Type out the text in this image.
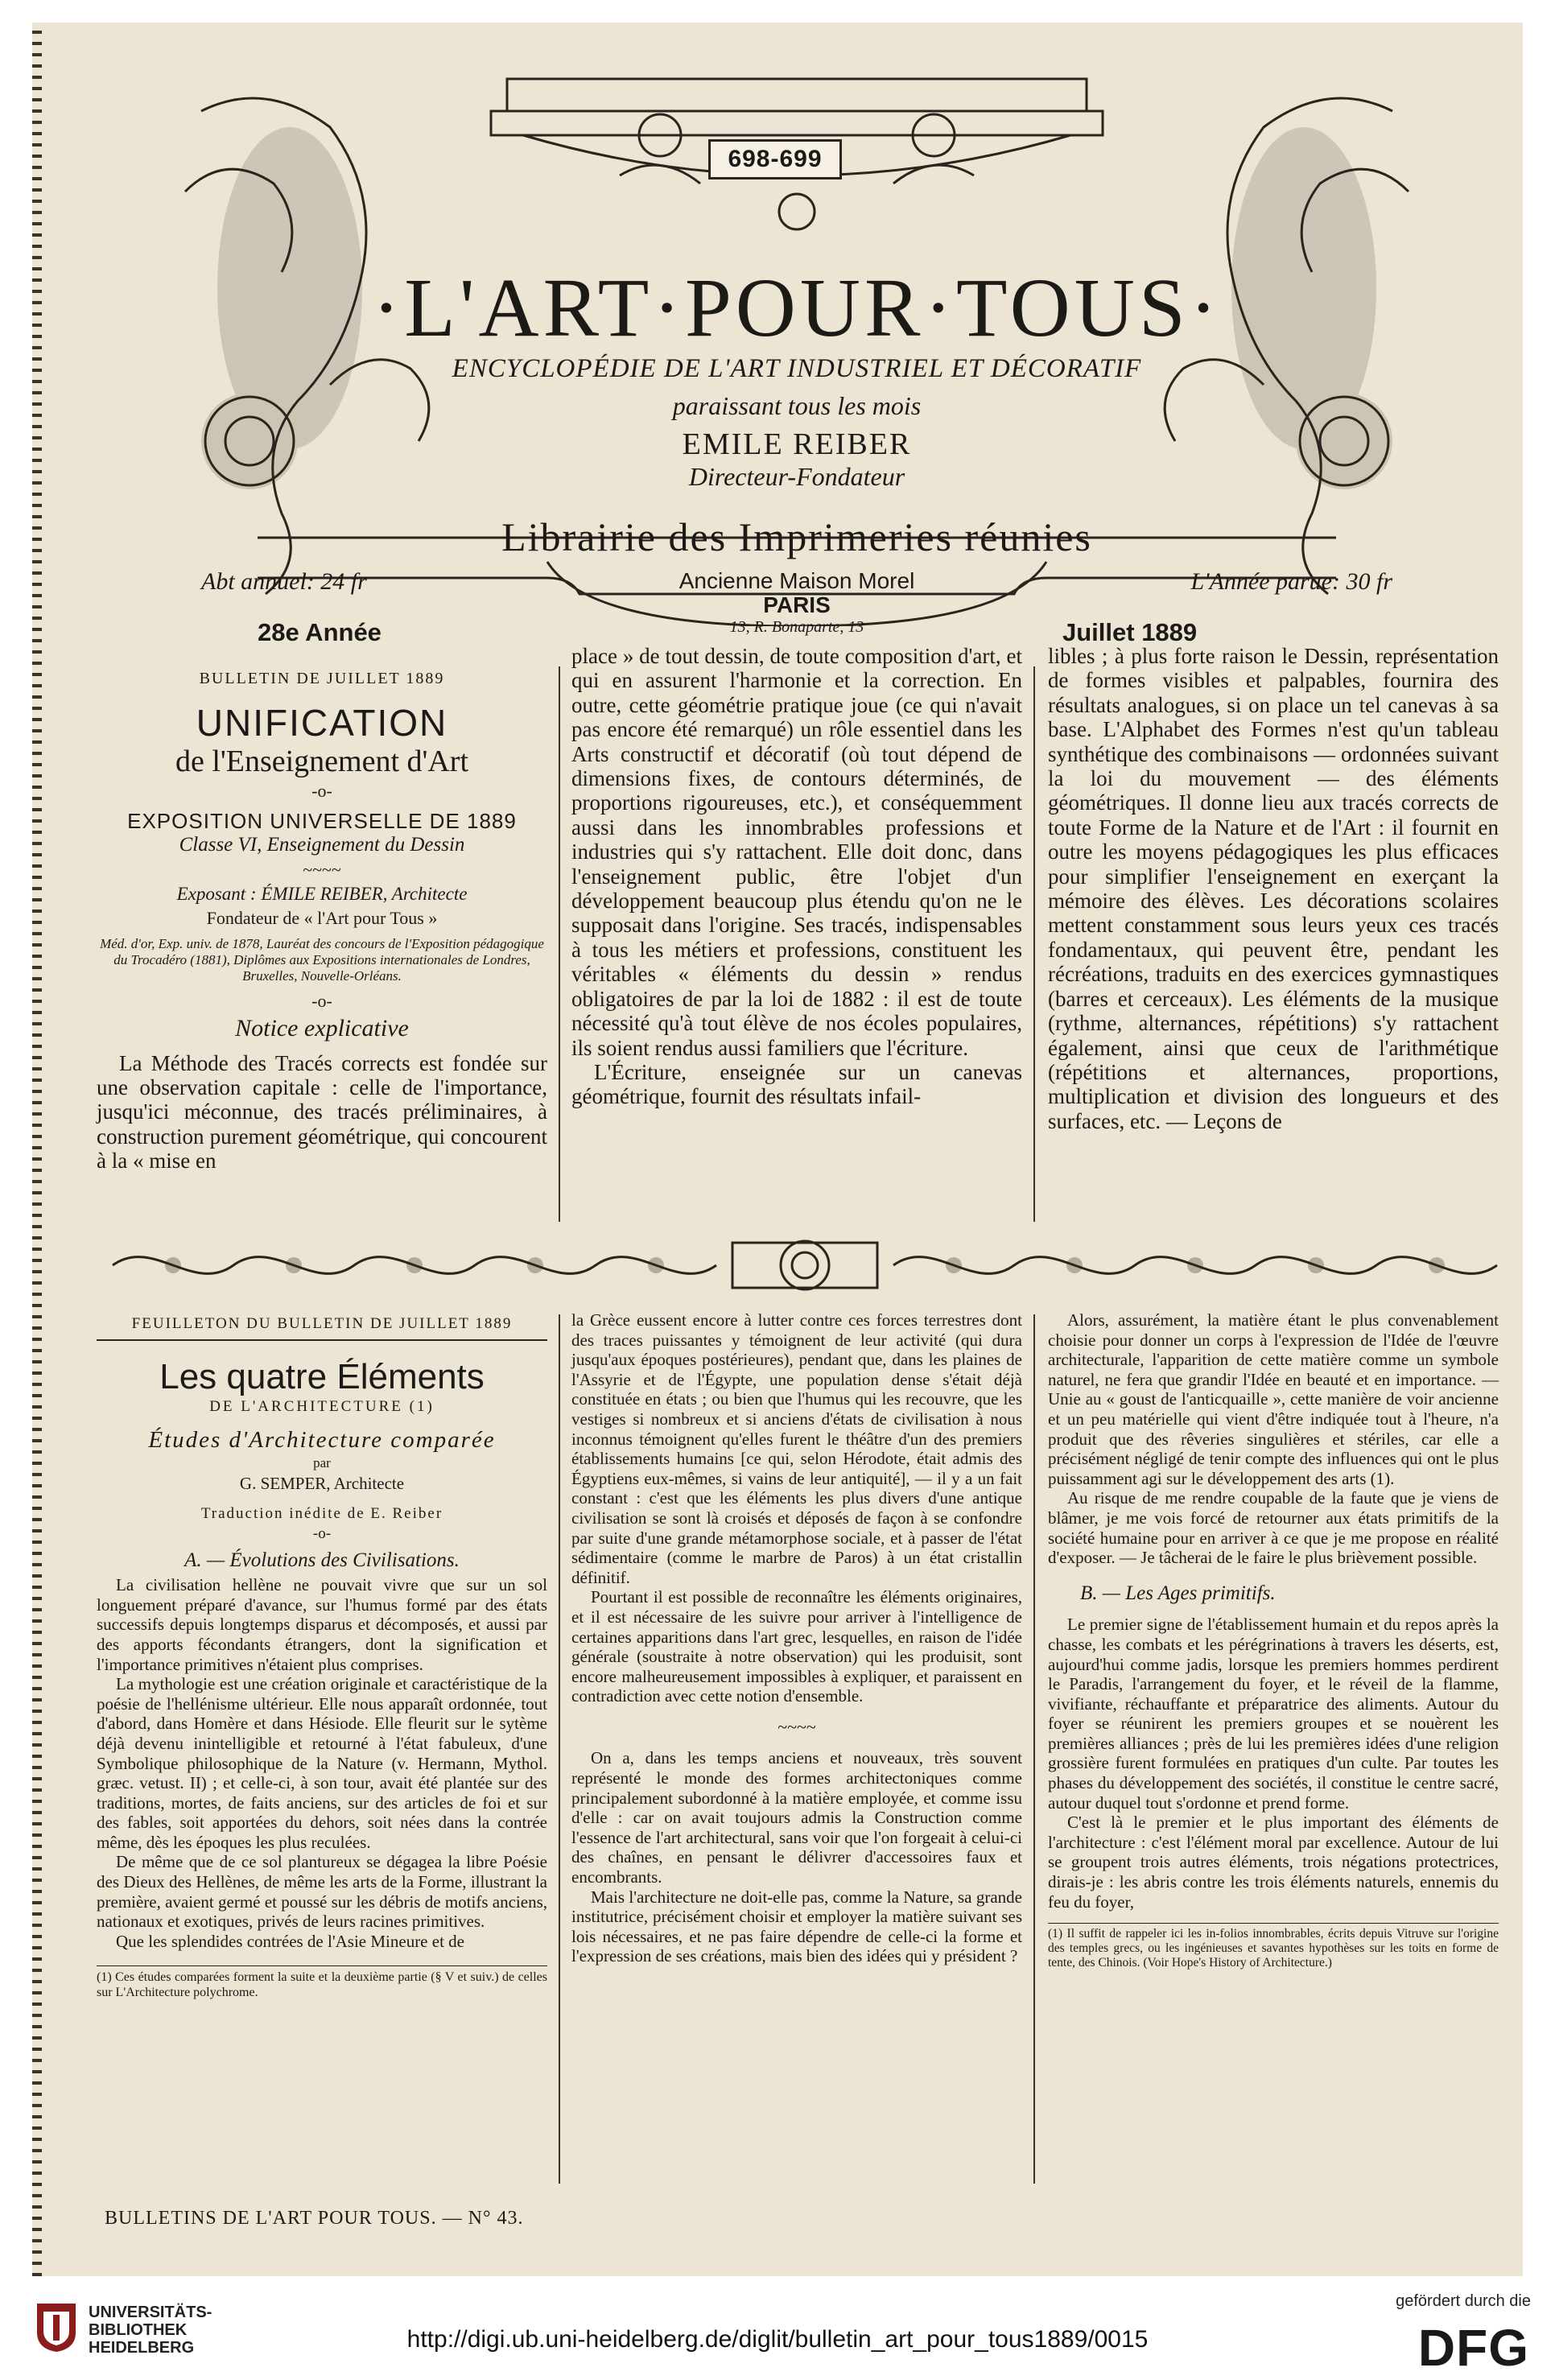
698-699
·L'ART·POUR·TOUS·
ENCYCLOPÉDIE DE L'ART INDUSTRIEL ET DÉCORATIF
paraissant tous les mois
EMILE REIBER
Directeur-Fondateur
Librairie des Imprimeries réunies
Abt annuel: 24 fr	L'Année parue: 30 fr
Ancienne Maison Morel
PARIS
13, R. Bonaparte, 13
28e Année	Juillet 1889
BULLETIN DE JUILLET 1889
UNIFICATION
de l'Enseignement d'Art
-o-
EXPOSITION UNIVERSELLE DE 1889
Classe VI, Enseignement du Dessin
~~~~
Exposant : ÉMILE REIBER, Architecte
Fondateur de « l'Art pour Tous »
Méd. d'or, Exp. univ. de 1878, Lauréat des concours de l'Exposition pédagogique du Trocadéro (1881), Diplômes aux Expositions internationales de Londres, Bruxelles, Nouvelle-Orléans.
-o-
Notice explicative

La Méthode des Tracés corrects est fondée sur une observation capitale : celle de l'importance, jusqu'ici méconnue, des tracés préliminaires, à construction purement géométrique, qui concourent à la « mise en

place » de tout dessin, de toute composition d'art, et qui en assurent l'harmonie et la correction. En outre, cette géométrie pratique joue (ce qui n'avait pas encore été remarqué) un rôle essentiel dans les Arts constructif et décoratif (où tout dépend de dimensions fixes, de contours déterminés, de proportions rigoureuses, etc.), et conséquemment aussi dans les innombrables professions et industries qui s'y rattachent. Elle doit donc, dans l'enseignement public, être l'objet d'un développement beaucoup plus étendu qu'on ne le supposait dans l'origine. Ses tracés, indispensables à tous les métiers et professions, constituent les véritables « éléments du dessin » rendus obligatoires de par la loi de 1882 : il est de toute nécessité qu'à tout élève de nos écoles populaires, ils soient rendus aussi familiers que l'écriture.

L'Écriture, enseignée sur un canevas géométrique, fournit des résultats infail-

libles ; à plus forte raison le Dessin, représentation de formes visibles et palpables, fournira des résultats analogues, si on place un tel canevas à sa base. L'Alphabet des Formes n'est qu'un tableau synthétique des combinaisons — ordonnées suivant la loi du mouvement — des éléments géométriques. Il donne lieu aux tracés corrects de toute Forme de la Nature et de l'Art : il fournit en outre les moyens pédagogiques les plus efficaces pour simplifier l'enseignement en exerçant la mémoire des élèves. Les décorations scolaires mettent constamment sous leurs yeux ces tracés fondamentaux, qui peuvent être, pendant les récréations, traduits en des exercices gymnastiques (barres et cerceaux). Les éléments de la musique (rythme, alternances, répétitions) s'y rattachent également, ainsi que ceux de l'arithmétique (répétitions et alternances, proportions, multiplication et division des longueurs et des surfaces, etc. — Leçons de

FEUILLETON DU BULLETIN DE JUILLET 1889
Les quatre Éléments
DE L'ARCHITECTURE (1)
Études d'Architecture comparée
par
G. SEMPER, Architecte
Traduction inédite de E. Reiber
-o-
A. — Évolutions des Civilisations.

La civilisation hellène ne pouvait vivre que sur un sol longuement préparé d'avance, sur l'humus formé par des états successifs depuis longtemps disparus et décomposés, et aussi par des apports fécondants étrangers, dont la signification et l'importance primitives n'étaient plus comprises.

La mythologie est une création originale et caractéristique de la poésie de l'hellénisme ultérieur. Elle nous apparaît ordonnée, tout d'abord, dans Homère et dans Hésiode. Elle fleurit sur le sytème déjà devenu inintelligible et retourné à l'état fabuleux, d'une Symbolique philosophique de la Nature (v. Hermann, Mythol. græc. vetust. II) ; et celle-ci, à son tour, avait été plantée sur des traditions, mortes, de faits anciens, sur des articles de foi et sur des fables, soit apportées du dehors, soit nées dans la contrée même, dès les époques les plus reculées.

De même que de ce sol plantureux se dégagea la libre Poésie des Dieux des Hellènes, de même les arts de la Forme, illustrant la première, avaient germé et poussé sur les débris de motifs anciens, nationaux et exotiques, privés de leurs racines primitives.

Que les splendides contrées de l'Asie Mineure et de

(1) Ces études comparées forment la suite et la deuxième partie (§ V et suiv.) de celles sur L'Architecture polychrome.

la Grèce eussent encore à lutter contre ces forces terrestres dont des traces puissantes y témoignent de leur activité (qui dura jusqu'aux époques postérieures), pendant que, dans les plaines de l'Assyrie et de l'Égypte, une population dense s'était déjà constituée en états ; ou bien que l'humus qui les recouvre, que les vestiges si nombreux et si anciens d'états de civilisation à nous inconnus témoignent qu'elles furent le théâtre d'un des premiers établissements humains [ce qui, selon Hérodote, était admis des Égyptiens eux-mêmes, si vains de leur antiquité], — il y a un fait constant : c'est que les éléments les plus divers d'une antique civilisation se sont là croisés et déposés de façon à se confondre par suite d'une grande métamorphose sociale, et à passer de l'état sédimentaire (comme le marbre de Paros) à un état cristallin définitif.

Pourtant il est possible de reconnaître les éléments originaires, et il est nécessaire de les suivre pour arriver à l'intelligence de certaines apparitions dans l'art grec, lesquelles, en raison de l'idée générale (soustraite à notre observation) qui les produisit, sont encore malheureusement impossibles à expliquer, et paraissent en contradiction avec cette notion d'ensemble.

~~~~

On a, dans les temps anciens et nouveaux, très souvent représenté le monde des formes architectoniques comme principalement subordonné à la matière employée, et comme issu d'elle : car on avait toujours admis la Construction comme l'essence de l'art architectural, sans voir que l'on forgeait à celui-ci des chaînes, en pensant le délivrer d'accessoires faux et encombrants.

Mais l'architecture ne doit-elle pas, comme la Nature, sa grande institutrice, précisément choisir et employer la matière suivant ses lois nécessaires, et ne pas faire dépendre de celle-ci la forme et l'expression de ses créations, mais bien des idées qui y président ?

Alors, assurément, la matière étant le plus convenablement choisie pour donner un corps à l'expression de l'Idée de l'œuvre architecturale, l'apparition de cette matière comme un symbole naturel, ne fera que grandir l'Idée en beauté et en importance. — Unie au « goust de l'anticquaille », cette manière de voir ancienne et un peu matérielle qui vient d'être indiquée tout à l'heure, n'a produit que des rêveries singulières et stériles, car elle a précisément négligé de tenir compte des influences qui ont le plus puissamment agi sur le développement des arts (1).

Au risque de me rendre coupable de la faute que je viens de blâmer, je me vois forcé de retourner aux états primitifs de la société humaine pour en arriver à ce que je me propose en réalité d'exposer. — Je tâcherai de le faire le plus brièvement possible.

B. — Les Ages primitifs.

Le premier signe de l'établissement humain et du repos après la chasse, les combats et les pérégrinations à travers les déserts, est, aujourd'hui comme jadis, lorsque les premiers hommes perdirent le Paradis, l'arrangement du foyer, et le réveil de la flamme, vivifiante, réchauffante et préparatrice des aliments. Autour du foyer se réunirent les premiers groupes et se nouèrent les premières alliances ; près de lui les premières idées d'une religion grossière furent formulées en pratiques d'un culte. Par toutes les phases du développement des sociétés, il constitue le centre sacré, autour duquel tout s'ordonne et prend forme.

C'est là le premier et le plus important des éléments de l'architecture : c'est l'élément moral par excellence. Autour de lui se groupent trois autres éléments, trois négations protectrices, dirais-je : les abris contre les trois éléments naturels, ennemis du feu du foyer,

(1) Il suffit de rappeler ici les in-folios innombrables, écrits depuis Vitruve sur l'origine des temples grecs, ou les ingénieuses et savantes hypothèses sur les toits en forme de tente, des Chinois. (Voir Hope's History of Architecture.)
BULLETINS DE L'ART POUR TOUS. — N° 43.
UNIVERSITÄTS-
BIBLIOTHEK
HEIDELBERG	http://digi.ub.uni-heidelberg.de/diglit/bulletin_art_pour_tous1889/0015
gefördert durch die
DFG
